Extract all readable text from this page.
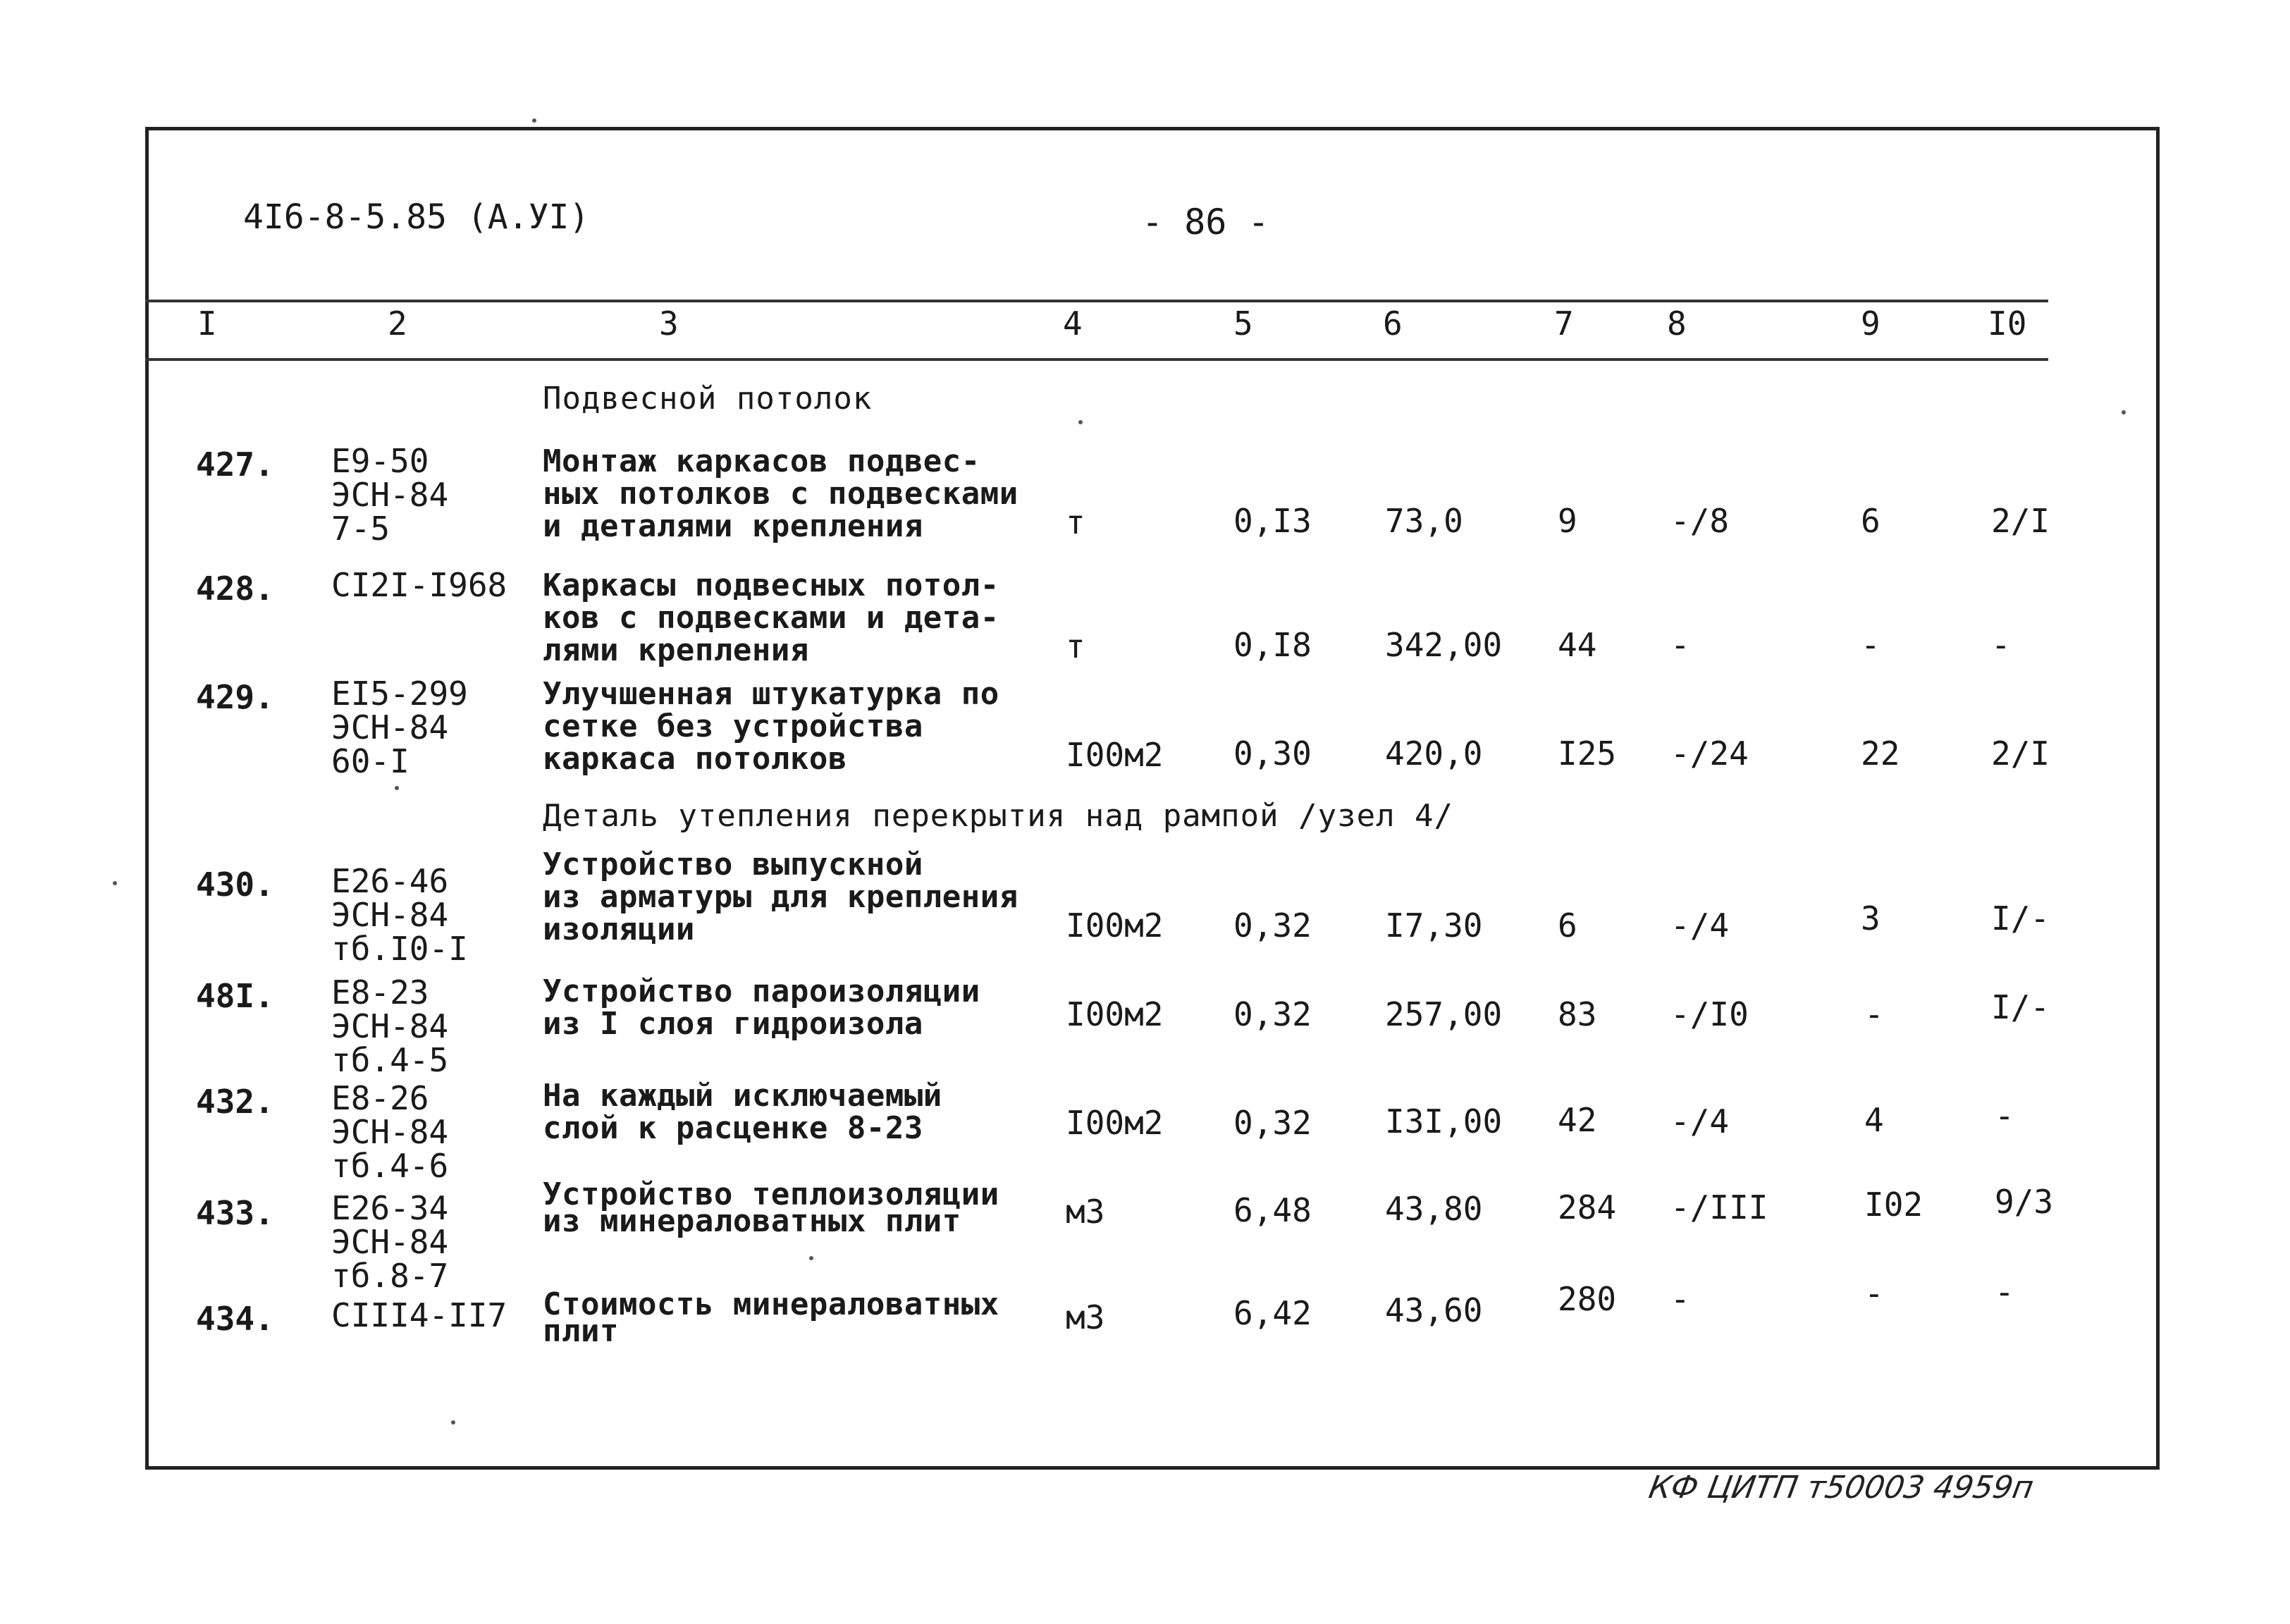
4I6-8-5.85 (А.УI)	- 86 -
I	2	3	4	5	6	7	8	9	I0
Подвесной потолок
Деталь утепления перекрытия над рампой /узел 4/
427. Е9-50
ЭСН-84
7-5
Монтаж каркасов подвес-
ных потолков с подвесками
и деталями крепления	т	0,I3 73,0	9	-/8	6	2/I
428. СI2I-I968 Каркасы подвесных потол-
ков с подвесками и дета-
лями крепления	т	0,I8 342,00 44 -	-	-
429. ЕI5-299
ЭСН-84
60-I
Улучшенная штукатурка по
сетке без устройства
каркаса потолков	I00м2 0,30 420,0 I25 -/24	22	2/I
430. Е26-46
ЭСН-84
тб.I0-I
Устройство выпускной
из арматуры для крепления
изоляции	I00м2 0,32 I7,30 6	-/4	3	I/-
48I. Е8-23
ЭСН-84
тб.4-5
Устройство пароизоляции
из I слоя гидроизола	I00м2 0,32 257,00 83 -/I0	-	I/-
432. Е8-26
ЭСН-84
тб.4-6
На каждый исключаемый
слой к расценке 8-23	I00м2 0,32 I3I,00 42 -/4	4	-
433. Е26-34
ЭСН-84
тб.8-7
Устройство теплоизоляции
из минераловатных плит	м3	6,48 43,80 284 -/III	I02 9/3
434. СIII4-II7 Стоимость минераловатных
плит	м3	6,42 43,60 280 -	-	-
КФ ЦИТП т50003 4959п
